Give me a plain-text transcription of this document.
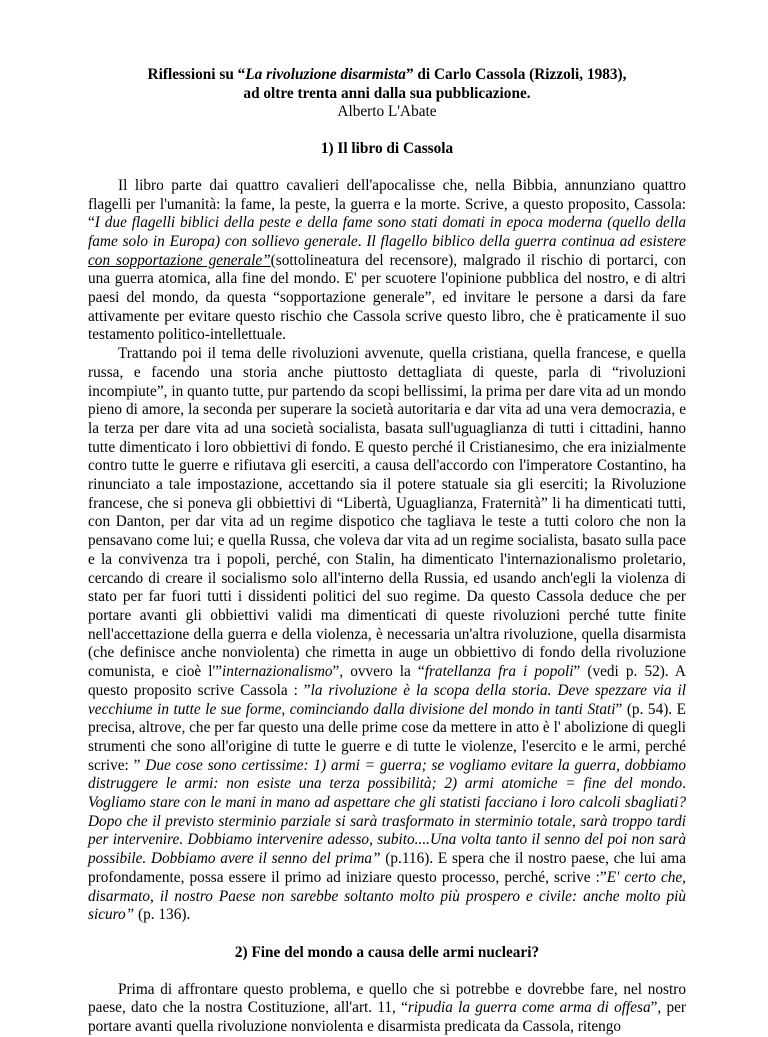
Riflessioni su “La rivoluzione disarmista” di Carlo Cassola (Rizzoli, 1983),
ad oltre trenta anni dalla sua pubblicazione.
Alberto L'Abate
1) Il libro di Cassola

Il libro parte dai quattro cavalieri dell'apocalisse che, nella Bibbia, annunziano quattro flagelli per l'umanità: la fame, la peste, la guerra e la morte. Scrive, a questo proposito, Cassola: “I due flagelli biblici della peste e della fame sono stati domati in epoca moderna (quello della fame solo in Europa) con sollievo generale. Il flagello biblico della guerra continua ad esistere con sopportazione generale”(sottolineatura del recensore), malgrado il rischio di portarci, con una guerra atomica, alla fine del mondo. E' per scuotere l'opinione pubblica del nostro, e di altri paesi del mondo, da questa “sopportazione generale”, ed invitare le persone a darsi da fare attivamente per evitare questo rischio che Cassola scrive questo libro, che è praticamente il suo testamento politico-intellettuale.

Trattando poi il tema delle rivoluzioni avvenute, quella cristiana, quella francese, e quella russa, e facendo una storia anche piuttosto dettagliata di queste, parla di “rivoluzioni incompiute”, in quanto tutte, pur partendo da scopi bellissimi, la prima per dare vita ad un mondo pieno di amore, la seconda per superare la società autoritaria e dar vita ad una vera democrazia, e la terza per dare vita ad una società socialista, basata sull'uguaglianza di tutti i cittadini, hanno tutte dimenticato i loro obbiettivi di fondo. E questo perché il Cristianesimo, che era inizialmente contro tutte le guerre e rifiutava gli eserciti, a causa dell'accordo con l'imperatore Costantino, ha rinunciato a tale impostazione, accettando sia il potere statuale sia gli eserciti; la Rivoluzione francese, che si poneva gli obbiettivi di “Libertà, Uguaglianza, Fraternità” li ha dimenticati tutti, con Danton, per dar vita ad un regime dispotico che tagliava le teste a tutti coloro che non la pensavano come lui; e quella Russa, che voleva dar vita ad un regime socialista, basato sulla pace e la convivenza tra i popoli, perché, con Stalin, ha dimenticato l'internazionalismo proletario, cercando di creare il socialismo solo all'interno della Russia, ed usando anch'egli la violenza di stato per far fuori tutti i dissidenti politici del suo regime. Da questo Cassola deduce che per portare avanti gli obbiettivi validi ma dimenticati di queste rivoluzioni perché tutte finite nell'accettazione della guerra e della violenza, è necessaria un'altra rivoluzione, quella disarmista (che definisce anche nonviolenta) che rimetta in auge un obbiettivo di fondo della rivoluzione comunista, e cioè l'”internazionalismo”, ovvero la “fratellanza fra i popoli” (vedi p. 52). A questo proposito scrive Cassola : ”la rivoluzione è la scopa della storia. Deve spezzare via il vecchiume in tutte le sue forme, cominciando dalla divisione del mondo in tanti Stati” (p. 54). E precisa, altrove, che per far questo una delle prime cose da mettere in atto è l' abolizione di quegli strumenti che sono all'origine di tutte le guerre e di tutte le violenze, l'esercito e le armi, perché scrive: ” Due cose sono certissime: 1) armi = guerra; se vogliamo evitare la guerra, dobbiamo distruggere le armi: non esiste una terza possibilità; 2) armi atomiche = fine del mondo. Vogliamo stare con le mani in mano ad aspettare che gli statisti facciano i loro calcoli sbagliati? Dopo che il previsto sterminio parziale si sarà trasformato in sterminio totale, sarà troppo tardi per intervenire. Dobbiamo intervenire adesso, subito....Una volta tanto il senno del poi non sarà possibile. Dobbiamo avere il senno del prima” (p.116). E spera che il nostro paese, che lui ama profondamente, possa essere il primo ad iniziare questo processo, perché, scrive :”E' certo che, disarmato, il nostro Paese non sarebbe soltanto molto più prospero e civile: anche molto più sicuro” (p. 136).

2) Fine del mondo a causa delle armi nucleari?

Prima di affrontare questo problema, e quello che si potrebbe e dovrebbe fare, nel nostro paese, dato che la nostra Costituzione, all'art. 11, “ripudia la guerra come arma di offesa”, per portare avanti quella rivoluzione nonviolenta e disarmista predicata da Cassola, ritengo
